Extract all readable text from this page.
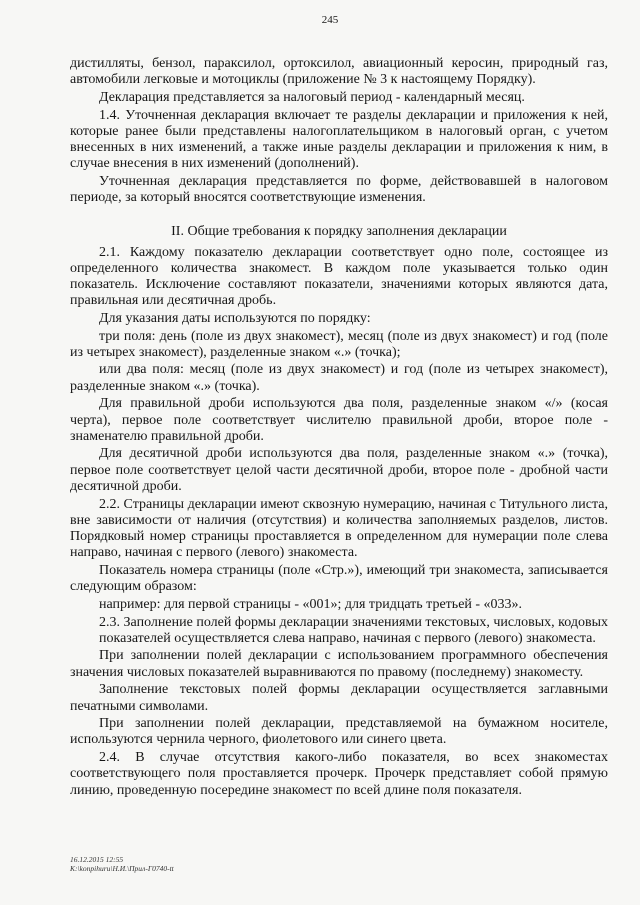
245

дистилляты, бензол, параксилол, ортоксилол, авиационный керосин, природный газ, автомобили легковые и мотоциклы (приложение № 3 к настоящему Порядку).

Декларация представляется за налоговый период - календарный месяц.

1.4. Уточненная декларация включает те разделы декларации и приложения к ней, которые ранее были представлены налогоплательщиком в налоговый орган, с учетом внесенных в них изменений, а также иные разделы декларации и приложения к ним, в случае внесения в них изменений (дополнений).

Уточненная декларация представляется по форме, действовавшей в налоговом периоде, за который вносятся соответствующие изменения.

II. Общие требования к порядку заполнения декларации

2.1. Каждому показателю декларации соответствует одно поле, состоящее из определенного количества знакомест. В каждом поле указывается только один показатель. Исключение составляют показатели, значениями которых являются дата, правильная или десятичная дробь.

Для указания даты используются по порядку:

три поля: день (поле из двух знакомест), месяц (поле из двух знакомест) и год (поле из четырех знакомест), разделенные знаком «.» (точка);

или два поля: месяц (поле из двух знакомест) и год (поле из четырех знакомест), разделенные знаком «.» (точка).

Для правильной дроби используются два поля, разделенные знаком «/» (косая черта), первое поле соответствует числителю правильной дроби, второе поле - знаменателю правильной дроби.

Для десятичной дроби используются два поля, разделенные знаком «.» (точка), первое поле соответствует целой части десятичной дроби, второе поле - дробной части десятичной дроби.

2.2. Страницы декларации имеют сквозную нумерацию, начиная с Титульного листа, вне зависимости от наличия (отсутствия) и количества заполняемых разделов, листов. Порядковый номер страницы проставляется в определенном для нумерации поле слева направо, начиная с первого (левого) знакоместа.

Показатель номера страницы (поле «Стр.»), имеющий три знакоместа, записывается следующим образом:

например: для первой страницы - «001»; для тридцать третьей - «033».

2.3. Заполнение полей формы декларации значениями текстовых, числовых, кодовых показателей осуществляется слева направо, начиная с первого (левого) знакоместа.

При заполнении полей декларации с использованием программного обеспечения значения числовых показателей выравниваются по правому (последнему) знакоместу.

Заполнение текстовых полей формы декларации осуществляется заглавными печатными символами.

При заполнении полей декларации, представляемой на бумажном носителе, используются чернила черного, фиолетового или синего цвета.

2.4. В случае отсутствия какого-либо показателя, во всех знакоместах соответствующего поля проставляется прочерк. Прочерк представляет собой прямую линию, проведенную посередине знакомест по всей длине поля показателя.

16.12.2015 12:55
К:\konpihuru\Н.И.\Прил-Г0740-tt
